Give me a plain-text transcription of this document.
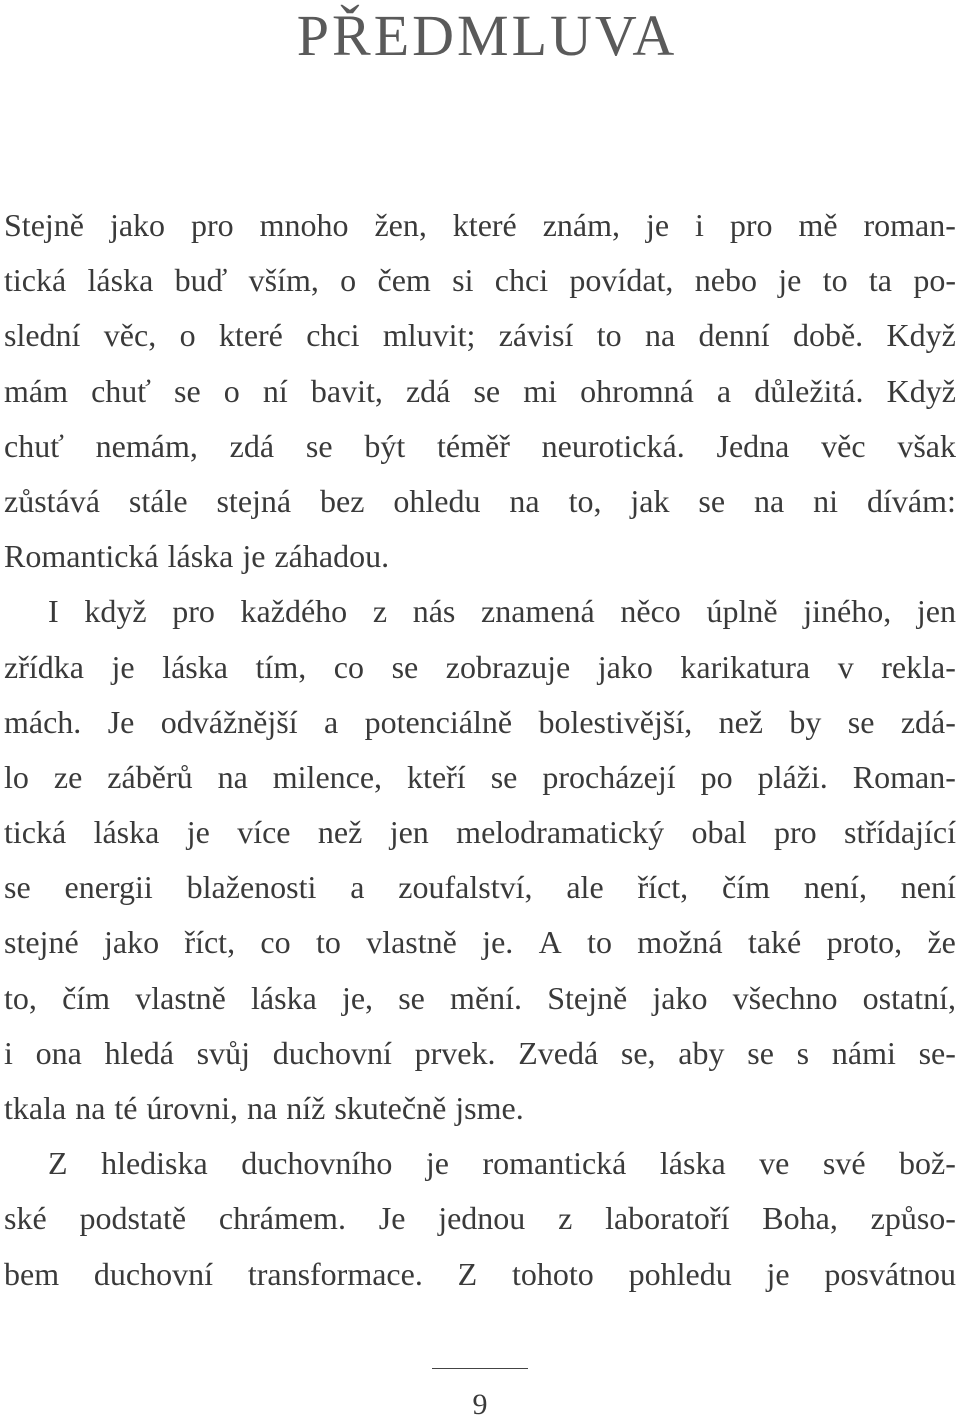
PŘEDMLUVA
Stejně jako pro mnoho žen, které znám, je i pro mě roman-
tická láska buď vším, o čem si chci povídat, nebo je to ta po-
slední věc, o které chci mluvit; závisí to na denní době. Když
mám chuť se o ní bavit, zdá se mi ohromná a důležitá. Když
chuť nemám, zdá se být téměř neurotická. Jedna věc však
zůstává stále stejná bez ohledu na to, jak se na ni dívám:
Romantická láska je záhadou.
I když pro každého z nás znamená něco úplně jiného, jen
zřídka je láska tím, co se zobrazuje jako karikatura v rekla-
mách. Je odvážnější a potenciálně bolestivější, než by se zdá-
lo ze záběrů na milence, kteří se procházejí po pláži. Roman-
tická láska je více než jen melodramatický obal pro střídající
se energii blaženosti a zoufalství, ale říct, čím není, není
stejné jako říct, co to vlastně je. A to možná také proto, že
to, čím vlastně láska je, se mění. Stejně jako všechno ostatní,
i ona hledá svůj duchovní prvek. Zvedá se, aby se s námi se-
tkala na té úrovni, na níž skutečně jsme.
Z hlediska duchovního je romantická láska ve své bož-
ské podstatě chrámem. Je jednou z laboratoří Boha, způso-
bem duchovní transformace. Z tohoto pohledu je posvátnou
9
